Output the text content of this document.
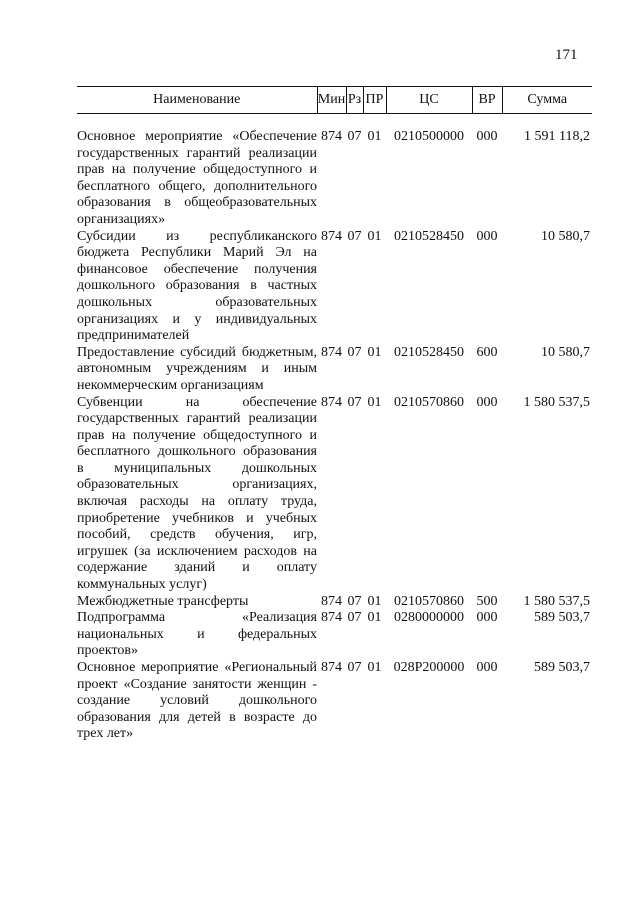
171
Наименование	Мин	Рз	ПР	ЦС	ВР	Сумма

Основное мероприятие «Обеспечение государственных гарантий реализации прав на получение общедоступного и бесплатного общего, дополнительного образования в общеобразовательных организациях»	874	07	01	0210500000	000	1 591 118,2
Субсидии из республиканского бюджета Республики Марий Эл на финансовое обеспечение получения дошкольного образования в частных дошкольных образовательных организациях и у индивидуальных предпринимателей	874	07	01	0210528450	000	10 580,7
Предоставление субсидий бюджетным, автономным учреждениям и иным некоммерческим организациям	874	07	01	0210528450	600	10 580,7
Субвенции на обеспечение государственных гарантий реализации прав на получение общедоступного и бесплатного дошкольного образования в муниципальных дошкольных образовательных организациях, включая расходы на оплату труда, приобретение учебников и учебных пособий, средств обучения, игр, игрушек (за исключением расходов на содержание зданий и оплату коммунальных услуг)	874	07	01	0210570860	000	1 580 537,5
Межбюджетные трансферты	874	07	01	0210570860	500	1 580 537,5
Подпрограмма «Реализация национальных и федеральных проектов»	874	07	01	0280000000	000	589 503,7
Основное мероприятие «Региональный проект «Создание занятости женщин - создание условий дошкольного образования для детей в возрасте до трех лет»	874	07	01	028P200000	000	589 503,7
